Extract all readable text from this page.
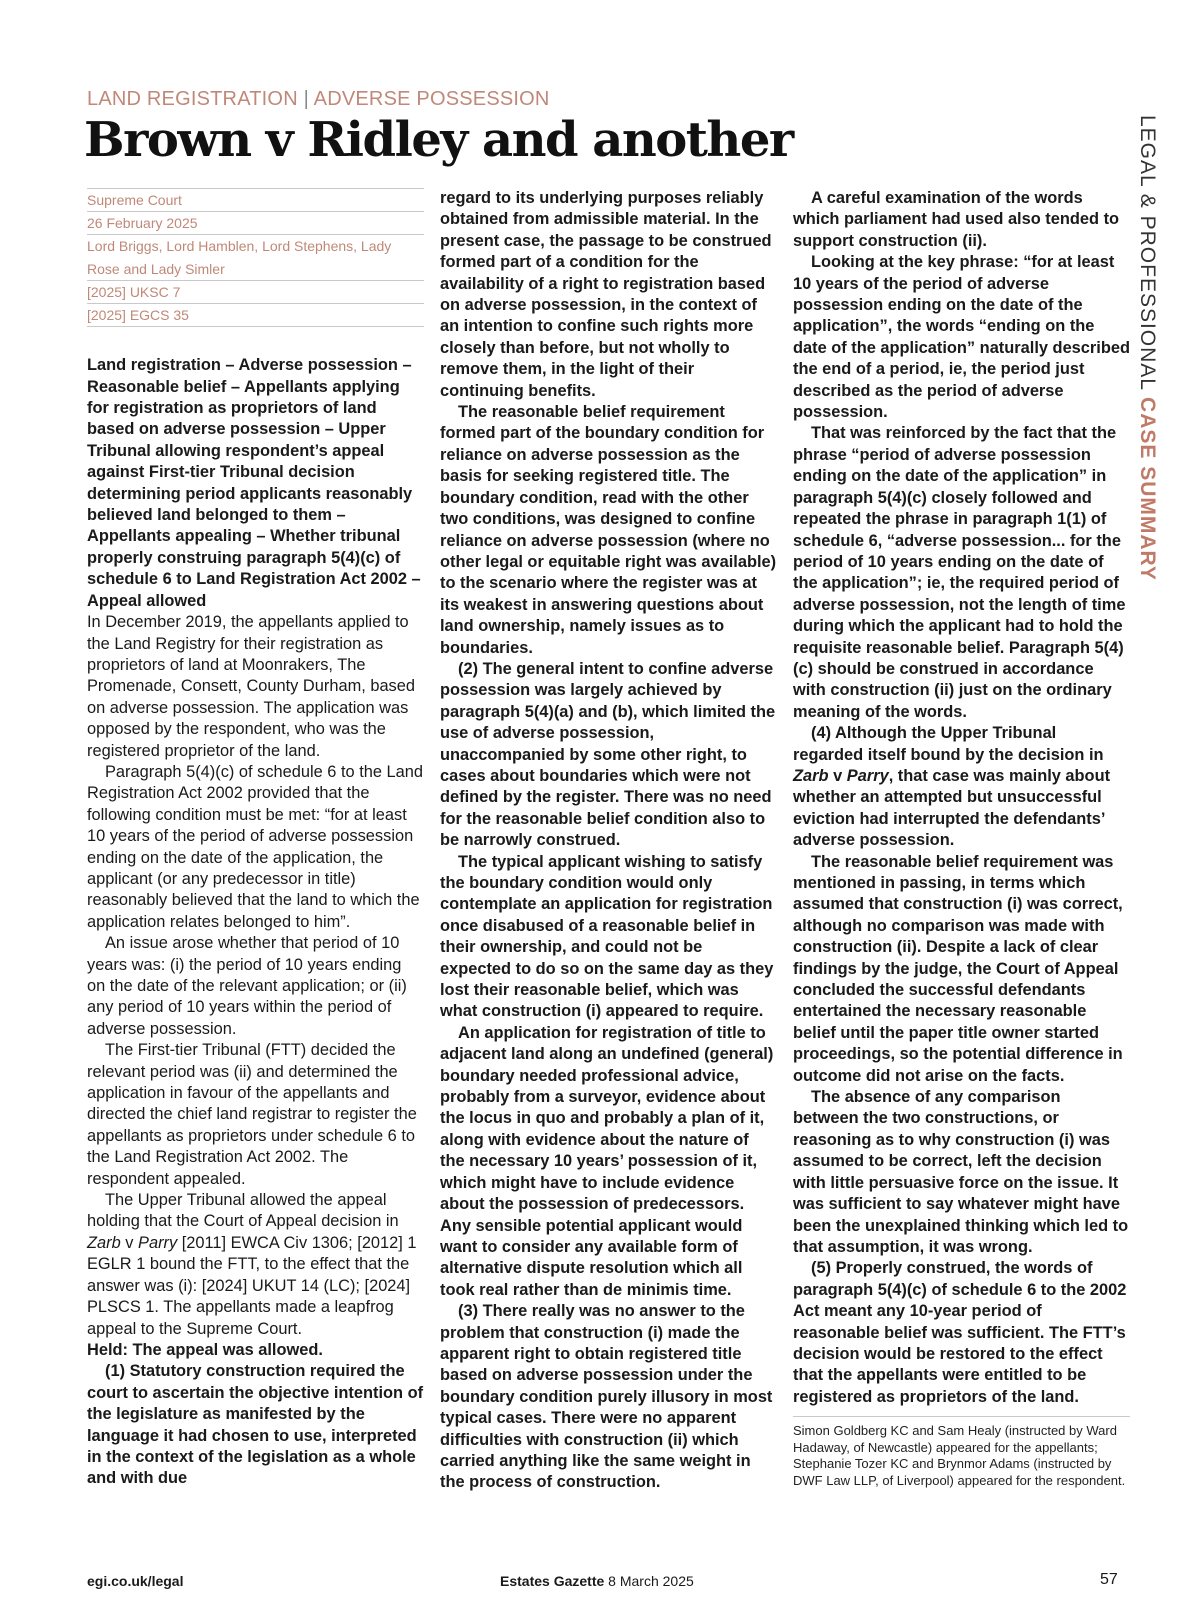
LAND REGISTRATION | ADVERSE POSSESSION
Brown v Ridley and another	LEGAL & PROFESSIONAL CASE SUMMARY
Supreme Court
26 February 2025
Lord Briggs, Lord Hamblen, Lord Stephens, Lady Rose and Lady Simler
[2025] UKSC 7
[2025] EGCS 35

Land registration – Adverse possession – Reasonable belief – Appellants applying for registration as proprietors of land based on adverse possession – Upper Tribunal allowing respondent’s appeal against First-tier Tribunal decision determining period applicants reasonably believed land belonged to them – Appellants appealing – Whether tribunal properly construing paragraph 5(4)(c) of schedule 6 to Land Registration Act 2002 – Appeal allowed

In December 2019, the appellants applied to the Land Registry for their registration as proprietors of land at Moonrakers, The Promenade, Consett, County Durham, based on adverse possession. The application was opposed by the respondent, who was the registered proprietor of the land.

Paragraph 5(4)(c) of schedule 6 to the Land Registration Act 2002 provided that the following condition must be met: “for at least 10 years of the period of adverse possession ending on the date of the application, the applicant (or any predecessor in title) reasonably believed that the land to which the application relates belonged to him”.

An issue arose whether that period of 10 years was: (i) the period of 10 years ending on the date of the relevant application; or (ii) any period of 10 years within the period of adverse possession.

The First-tier Tribunal (FTT) decided the relevant period was (ii) and determined the application in favour of the appellants and directed the chief land registrar to register the appellants as proprietors under schedule 6 to the Land Registration Act 2002. The respondent appealed.

The Upper Tribunal allowed the appeal holding that the Court of Appeal decision in Zarb v Parry [2011] EWCA Civ 1306; [2012] 1 EGLR 1 bound the FTT, to the effect that the answer was (i): [2024] UKUT 14 (LC); [2024] PLSCS 1. The appellants made a leapfrog appeal to the Supreme Court.

Held: The appeal was allowed.

(1) Statutory construction required the court to ascertain the objective intention of the legislature as manifested by the language it had chosen to use, interpreted in the context of the legislation as a whole and with due

regard to its underlying purposes reliably obtained from admissible material. In the present case, the passage to be construed formed part of a condition for the availability of a right to registration based on adverse possession, in the context of an intention to confine such rights more closely than before, but not wholly to remove them, in the light of their continuing benefits.

The reasonable belief requirement formed part of the boundary condition for reliance on adverse possession as the basis for seeking registered title. The boundary condition, read with the other two conditions, was designed to confine reliance on adverse possession (where no other legal or equitable right was available) to the scenario where the register was at its weakest in answering questions about land ownership, namely issues as to boundaries.

(2) The general intent to confine adverse possession was largely achieved by paragraph 5(4)(a) and (b), which limited the use of adverse possession, unaccompanied by some other right, to cases about boundaries which were not defined by the register. There was no need for the reasonable belief condition also to be narrowly construed.

The typical applicant wishing to satisfy the boundary condition would only contemplate an application for registration once disabused of a reasonable belief in their ownership, and could not be expected to do so on the same day as they lost their reasonable belief, which was what construction (i) appeared to require.

An application for registration of title to adjacent land along an undefined (general) boundary needed professional advice, probably from a surveyor, evidence about the locus in quo and probably a plan of it, along with evidence about the nature of the necessary 10 years’ possession of it, which might have to include evidence about the possession of predecessors. Any sensible potential applicant would want to consider any available form of alternative dispute resolution which all took real rather than de minimis time.

(3) There really was no answer to the problem that construction (i) made the apparent right to obtain registered title based on adverse possession under the boundary condition purely illusory in most typical cases. There were no apparent difficulties with construction (ii) which carried anything like the same weight in the process of construction.

A careful examination of the words which parliament had used also tended to support construction (ii).

Looking at the key phrase: “for at least 10 years of the period of adverse possession ending on the date of the application”, the words “ending on the date of the application” naturally described the end of a period, ie, the period just described as the period of adverse possession.

That was reinforced by the fact that the phrase “period of adverse possession ending on the date of the application” in paragraph 5(4)(c) closely followed and repeated the phrase in paragraph 1(1) of schedule 6, “adverse possession... for the period of 10 years ending on the date of the application”; ie, the required period of adverse possession, not the length of time during which the applicant had to hold the requisite reasonable belief. Paragraph 5(4)(c) should be construed in accordance with construction (ii) just on the ordinary meaning of the words.

(4) Although the Upper Tribunal regarded itself bound by the decision in Zarb v Parry, that case was mainly about whether an attempted but unsuccessful eviction had interrupted the defendants’ adverse possession.

The reasonable belief requirement was mentioned in passing, in terms which assumed that construction (i) was correct, although no comparison was made with construction (ii). Despite a lack of clear findings by the judge, the Court of Appeal concluded the successful defendants entertained the necessary reasonable belief until the paper title owner started proceedings, so the potential difference in outcome did not arise on the facts.

The absence of any comparison between the two constructions, or reasoning as to why construction (i) was assumed to be correct, left the decision with little persuasive force on the issue. It was sufficient to say whatever might have been the unexplained thinking which led to that assumption, it was wrong.

(5) Properly construed, the words of paragraph 5(4)(c) of schedule 6 to the 2002 Act meant any 10-year period of reasonable belief was sufficient. The FTT’s decision would be restored to the effect that the appellants were entitled to be registered as proprietors of the land.

Simon Goldberg KC and Sam Healy (instructed by Ward Hadaway, of Newcastle) appeared for the appellants; Stephanie Tozer KC and Brynmor Adams (instructed by DWF Law LLP, of Liverpool) appeared for the respondent.
egi.co.uk/legal	Estates Gazette 8 March 2025	57
